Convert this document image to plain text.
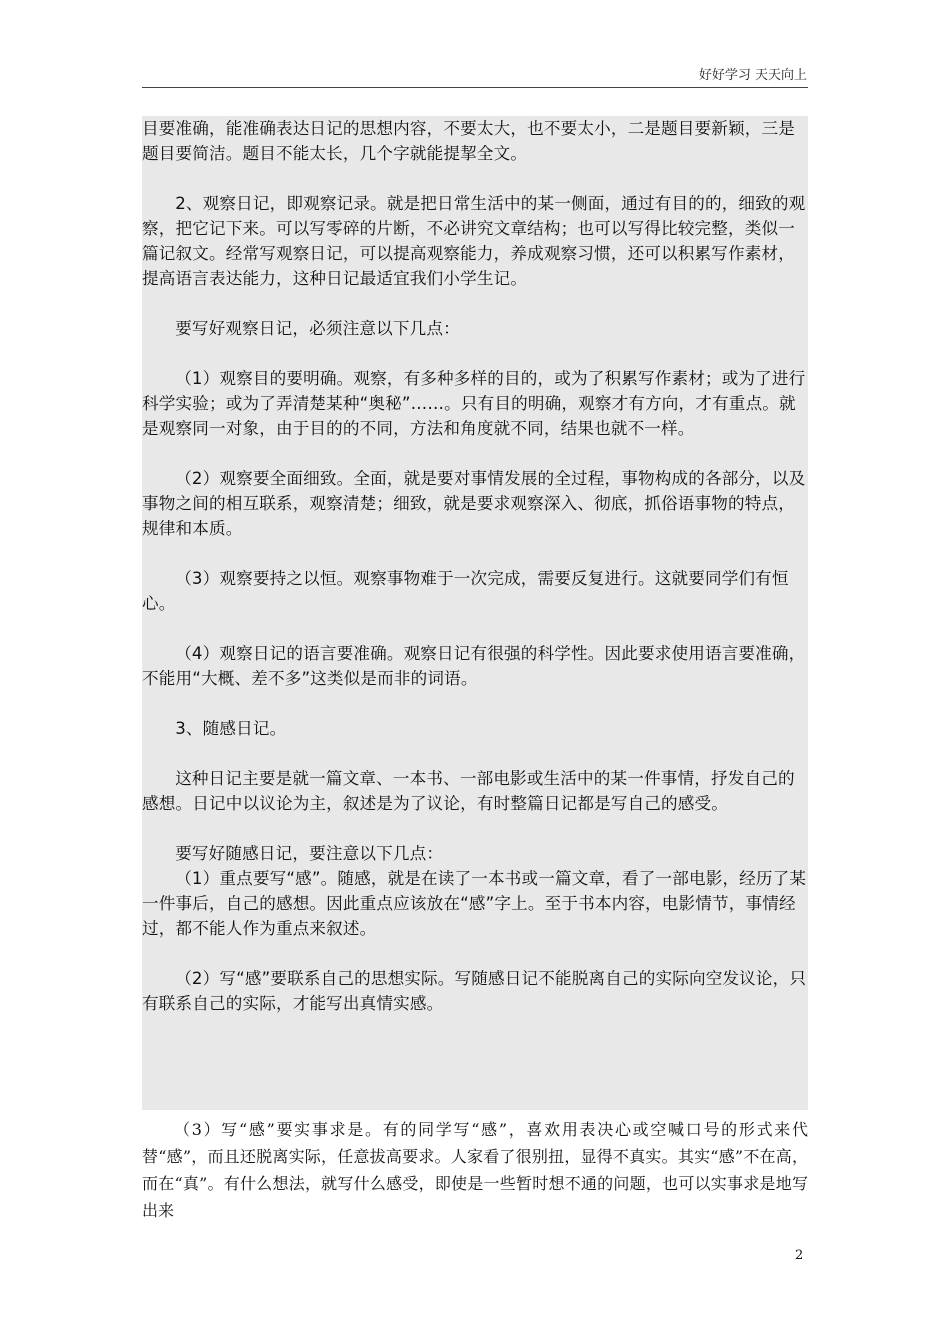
好好学习 天天向上

目要准确，能准确表达日记的思想内容，不要太大，也不要太小，二是题目要新颖，三是题目要简洁。题目不能太长，几个字就能提挈全文。

2、观察日记，即观察记录。就是把日常生活中的某一侧面，通过有目的的，细致的观察，把它记下来。可以写零碎的片断，不必讲究文章结构；也可以写得比较完整，类似一篇记叙文。经常写观察日记，可以提高观察能力，养成观察习惯，还可以积累写作素材，提高语言表达能力，这种日记最适宜我们小学生记。

要写好观察日记，必须注意以下几点：

（1）观察目的要明确。观察，有多种多样的目的，或为了积累写作素材；或为了进行科学实验；或为了弄清楚某种“奥秘”……。只有目的明确，观察才有方向，才有重点。就是观察同一对象，由于目的的不同，方法和角度就不同，结果也就不一样。

（2）观察要全面细致。全面，就是要对事情发展的全过程，事物构成的各部分，以及事物之间的相互联系，观察清楚；细致，就是要求观察深入、彻底，抓俗语事物的特点，规律和本质。

（3）观察要持之以恒。观察事物难于一次完成，需要反复进行。这就要同学们有恒心。

（4）观察日记的语言要准确。观察日记有很强的科学性。因此要求使用语言要准确，不能用“大概、差不多”这类似是而非的词语。

3、随感日记。

这种日记主要是就一篇文章、一本书、一部电影或生活中的某一件事情，抒发自己的感想。日记中以议论为主，叙述是为了议论，有时整篇日记都是写自己的感受。

要写好随感日记，要注意以下几点：

（1）重点要写“感”。随感，就是在读了一本书或一篇文章，看了一部电影，经历了某一件事后，自己的感想。因此重点应该放在“感”字上。至于书本内容，电影情节，事情经过，都不能人作为重点来叙述。

（2）写“感”要联系自己的思想实际。写随感日记不能脱离自己的实际向空发议论，只有联系自己的实际，才能写出真情实感。

（3）写“感”要实事求是。有的同学写“感”，喜欢用表决心或空喊口号的形式来代替“感”，而且还脱离实际，任意拔高要求。人家看了很别扭，显得不真实。其实“感”不在高，而在“真”。有什么想法，就写什么感受，即使是一些暂时想不通的问题，也可以实事求是地写出来
2
